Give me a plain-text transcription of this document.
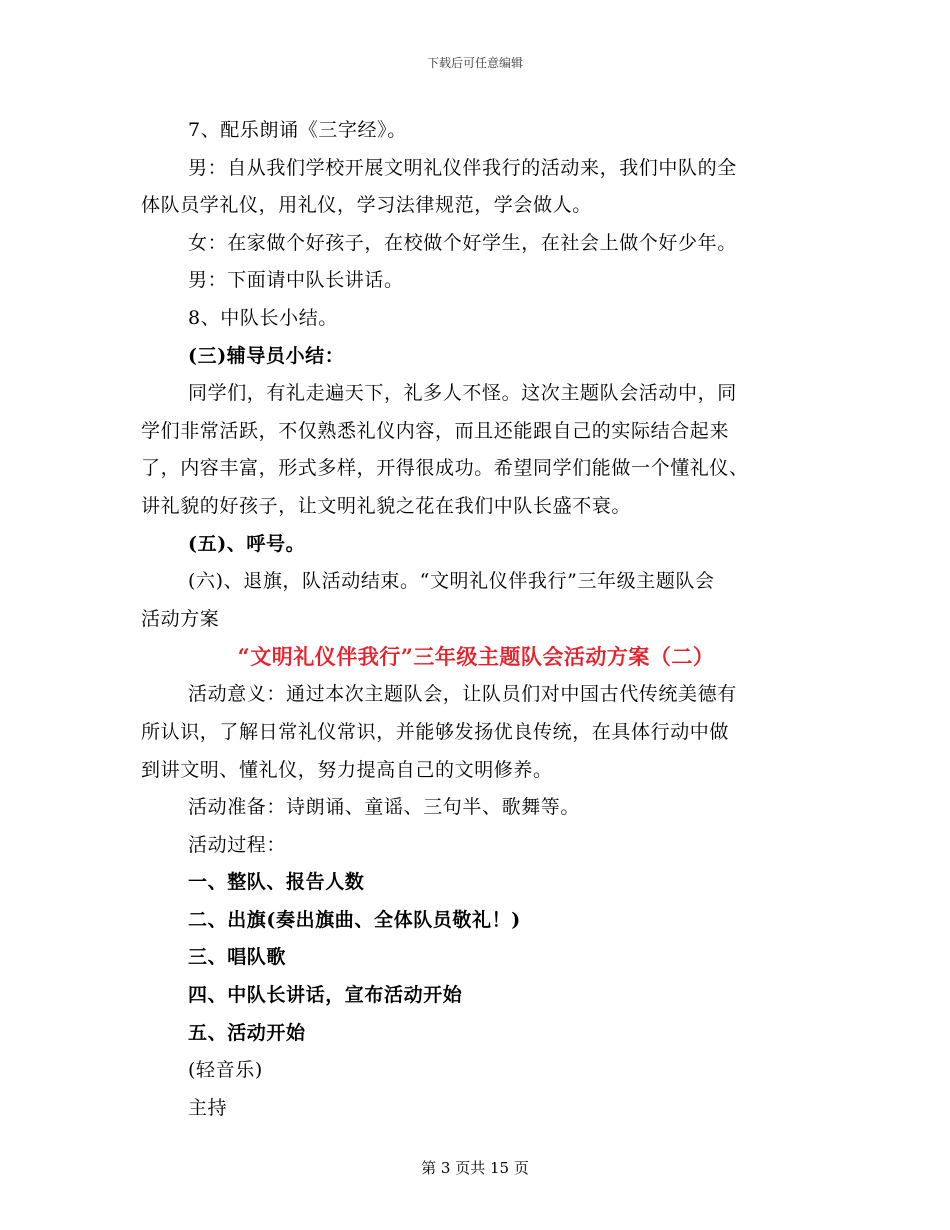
下载后可任意编辑

7、配乐朗诵《三字经》。

男：自从我们学校开展文明礼仪伴我行的活动来，我们中队的全

体队员学礼仪，用礼仪，学习法律规范，学会做人。

女：在家做个好孩子，在校做个好学生，在社会上做个好少年。

男：下面请中队长讲话。

8、中队长小结。

(三)辅导员小结：

同学们，有礼走遍天下，礼多人不怪。这次主题队会活动中，同

学们非常活跃，不仅熟悉礼仪内容，而且还能跟自己的实际结合起来

了，内容丰富，形式多样，开得很成功。希望同学们能做一个懂礼仪、

讲礼貌的好孩子，让文明礼貌之花在我们中队长盛不衰。

(五)、呼号。

(六)、退旗，队活动结束。“文明礼仪伴我行”三年级主题队会

活动方案

“文明礼仪伴我行”三年级主题队会活动方案（二）

活动意义：通过本次主题队会，让队员们对中国古代传统美德有

所认识，了解日常礼仪常识，并能够发扬优良传统，在具体行动中做

到讲文明、懂礼仪，努力提高自己的文明修养。

活动准备：诗朗诵、童谣、三句半、歌舞等。

活动过程：

一、整队、报告人数

二、出旗(奏出旗曲、全体队员敬礼！)

三、唱队歌

四、中队长讲话，宣布活动开始

五、活动开始

(轻音乐)

主持

第 3 页共 15 页
